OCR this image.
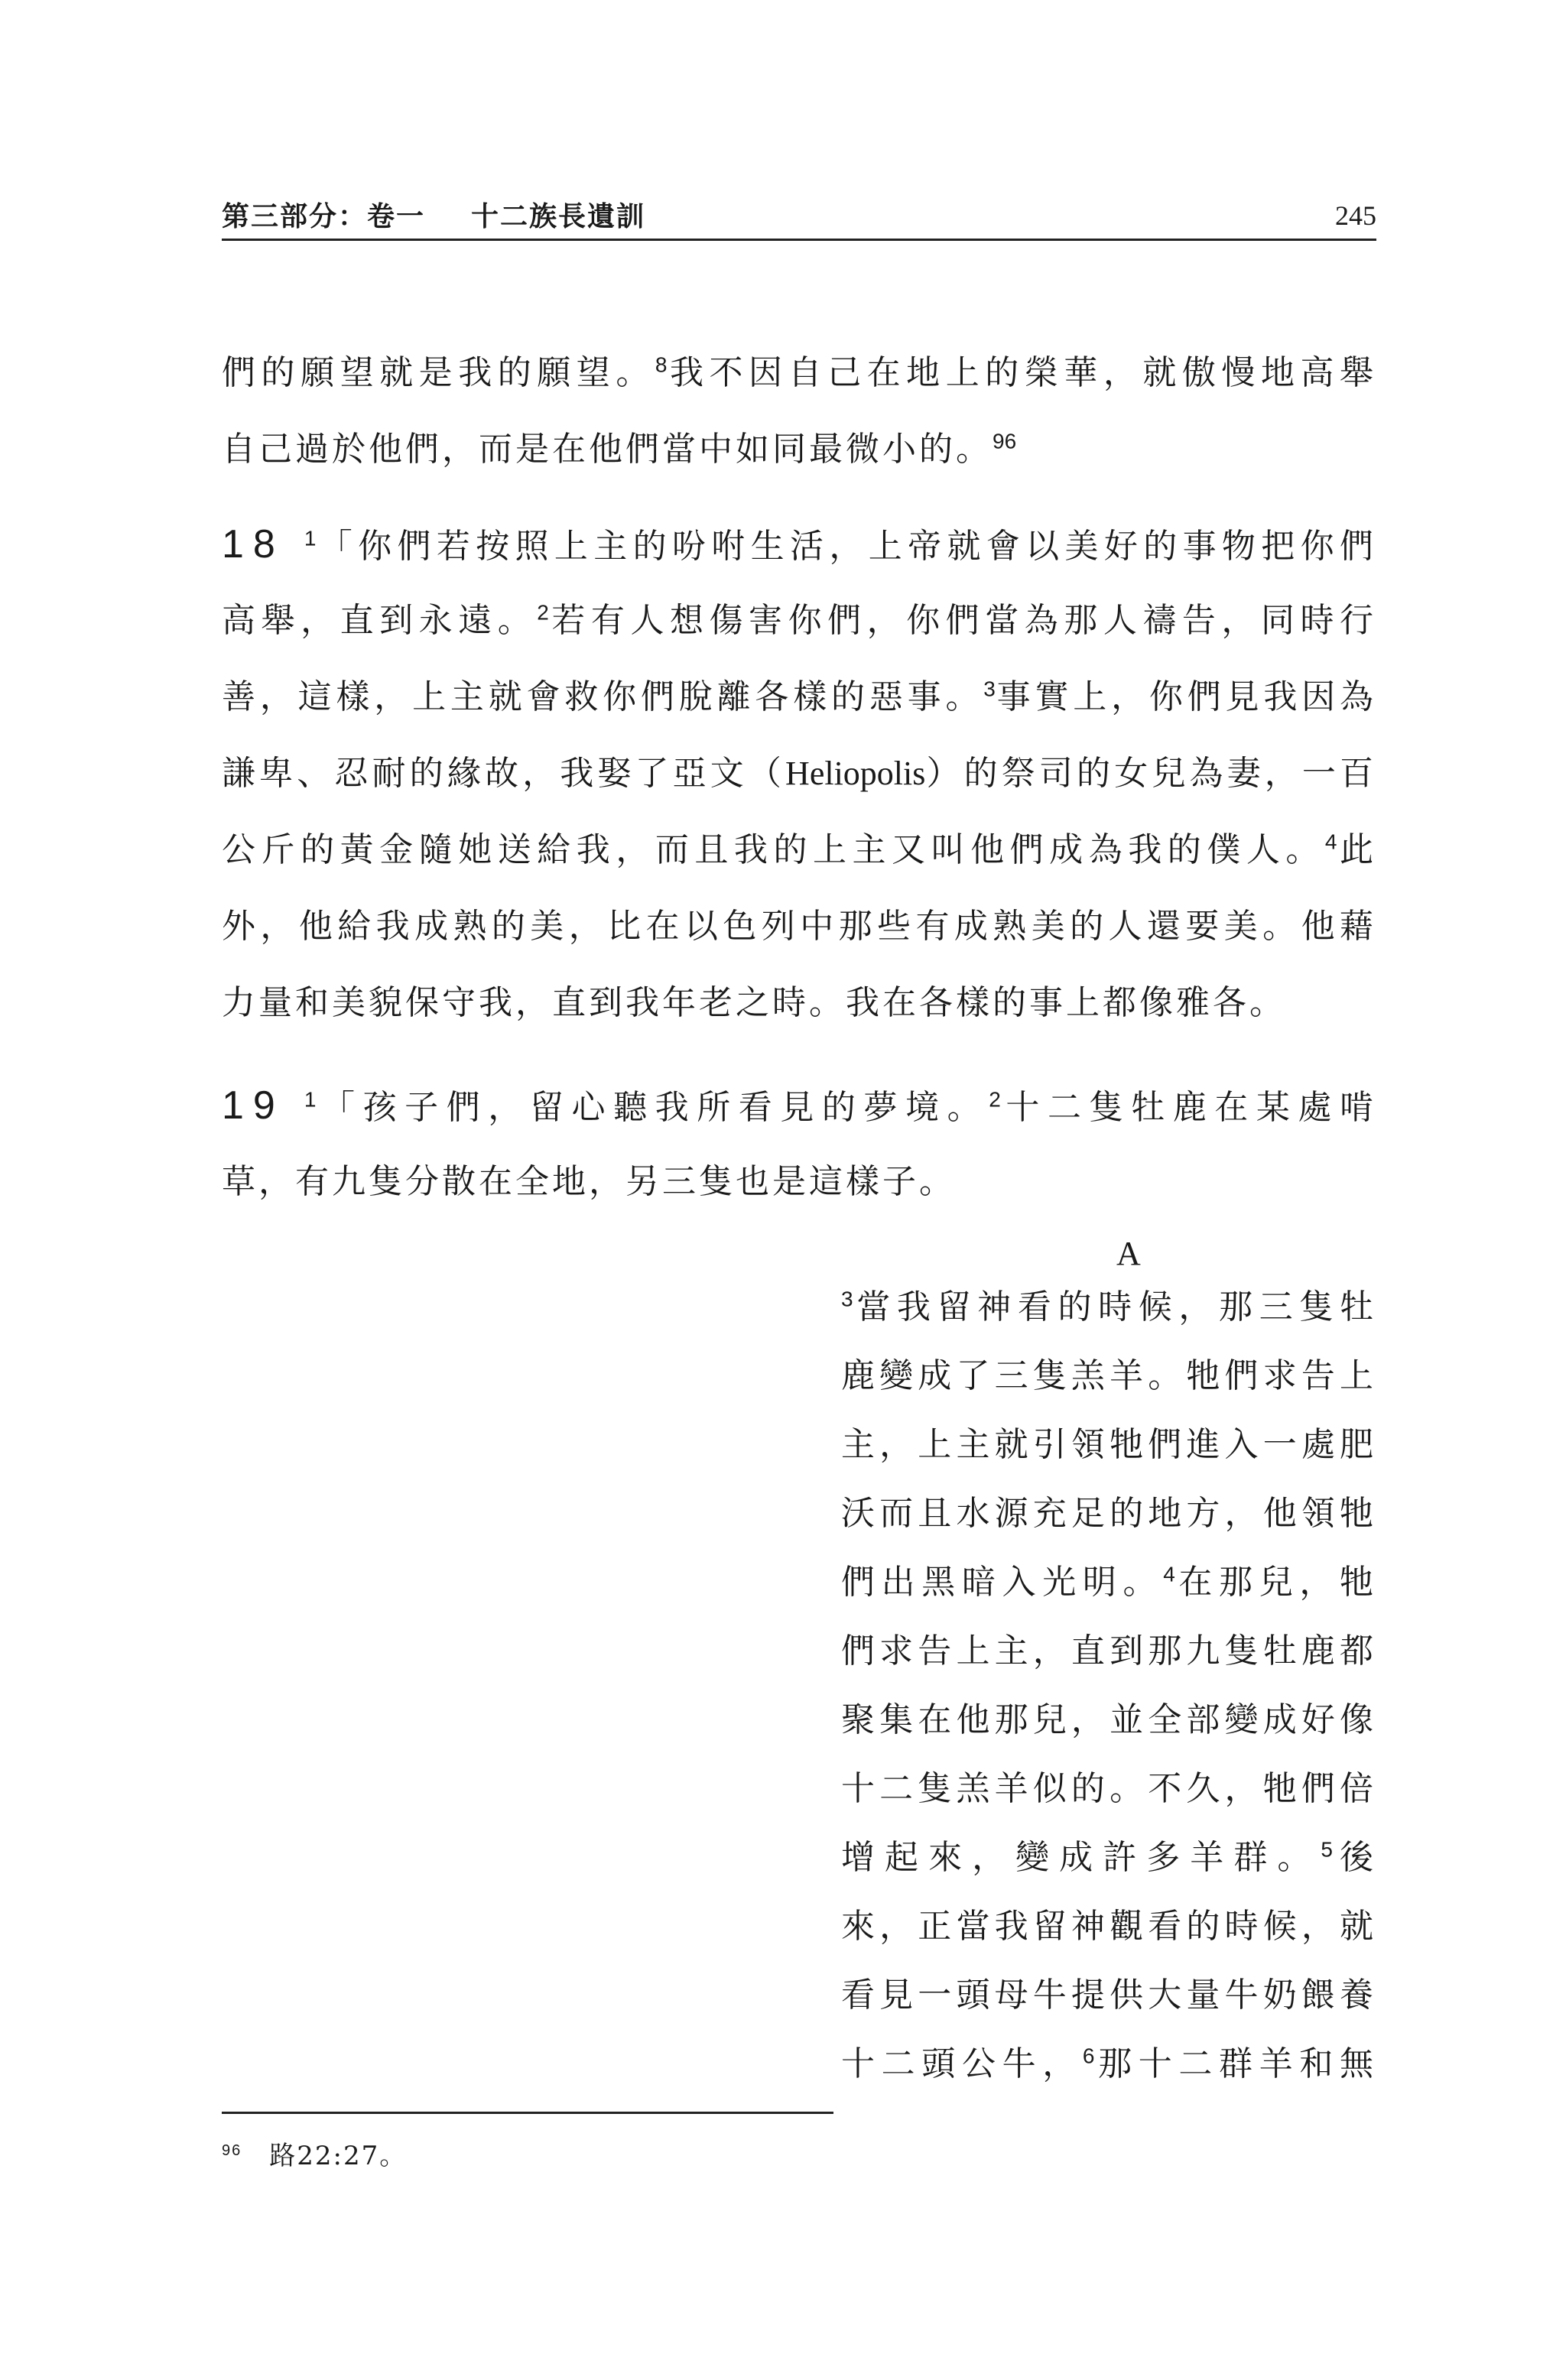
第三部分：卷一 十二族長遺訓	245
們的願望就是我的願望。$^8$我不因自己在地上的榮華，就傲慢地高舉
自己過於他們，而是在他們當中如同最微小的。$^{96}$
18 $^1$「你們若按照上主的吩咐生活，上帝就會以美好的事物把你們
高舉，直到永遠。$^2$若有人想傷害你們，你們當為那人禱告，同時行
善，這樣，上主就會救你們脫離各樣的惡事。$^3$事實上，你們見我因為
謙卑、忍耐的緣故，我娶了亞文（Heliopolis）的祭司的女兒為妻，一百
公斤的黃金隨她送給我，而且我的上主又叫他們成為我的僕人。$^4$此
外，他給我成熟的美，比在以色列中那些有成熟美的人還要美。他藉
力量和美貌保守我，直到我年老之時。我在各樣的事上都像雅各。
19 $^1$「孩子們，留心聽我所看見的夢境。$^2$十二隻牡鹿在某處啃
草，有九隻分散在全地，另三隻也是這樣子。
A
$^3$當我留神看的時候，那三隻牡
鹿變成了三隻羔羊。牠們求告上
主，上主就引領牠們進入一處肥
沃而且水源充足的地方，他領牠
們出黑暗入光明。$^4$在那兒，牠
們求告上主，直到那九隻牡鹿都
聚集在他那兒，並全部變成好像
十二隻羔羊似的。不久，牠們倍
增起來，變成許多羊群。$^5$後
來，正當我留神觀看的時候，就
看見一頭母牛提供大量牛奶餵養
十二頭公牛，$^6$那十二群羊和無
$^{96}$ 路22:27。
